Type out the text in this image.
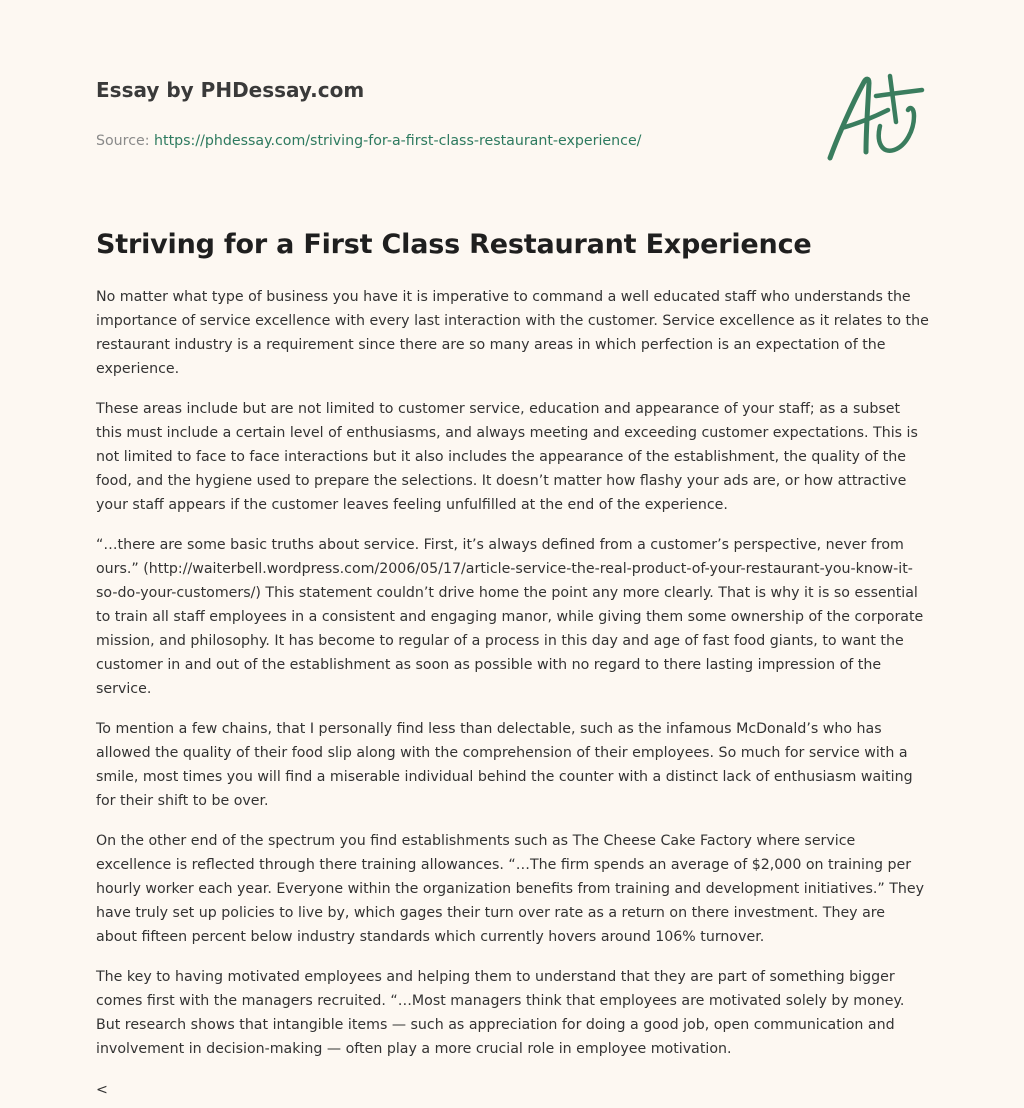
Essay by PHDessay.com
Source: https://phdessay.com/striving-for-a-first-class-restaurant-experience/
Striving for a First Class Restaurant Experience

No matter what type of business you have it is imperative to command a well educated staff who understands the importance of service excellence with every last interaction with the customer. Service excellence as it relates to the restaurant industry is a requirement since there are so many areas in which perfection is an expectation of the experience.

These areas include but are not limited to customer service, education and appearance of your staff; as a subset this must include a certain level of enthusiasms, and always meeting and exceeding customer expectations. This is not limited to face to face interactions but it also includes the appearance of the establishment, the quality of the food, and the hygiene used to prepare the selections. It doesn’t matter how flashy your ads are, or how attractive your staff appears if the customer leaves feeling unfulfilled at the end of the experience.

“…there are some basic truths about service. First, it’s always defined from a customer’s perspective, never from ours.” (http://waiterbell.wordpress.com/2006/05/17/article-service-the-real-product-of-your-restaurant-you-know-it-so-do-your-customers/) This statement couldn’t drive home the point any more clearly. That is why it is so essential to train all staff employees in a consistent and engaging manor, while giving them some ownership of the corporate mission, and philosophy. It has become to regular of a process in this day and age of fast food giants, to want the customer in and out of the establishment as soon as possible with no regard to there lasting impression of the service.

To mention a few chains, that I personally find less than delectable, such as the infamous McDonald’s who has allowed the quality of their food slip along with the comprehension of their employees. So much for service with a smile, most times you will find a miserable individual behind the counter with a distinct lack of enthusiasm waiting for their shift to be over.

On the other end of the spectrum you find establishments such as The Cheese Cake Factory where service excellence is reflected through there training allowances. “…The firm spends an average of $2,000 on training per hourly worker each year. Everyone within the organization benefits from training and development initiatives.” They have truly set up policies to live by, which gages their turn over rate as a return on there investment. They are about fifteen percent below industry standards which currently hovers around 106% turnover.

The key to having motivated employees and helping them to understand that they are part of something bigger comes first with the managers recruited. “…Most managers think that employees are motivated solely by money. But research shows that intangible items — such as appreciation for doing a good job, open communication and involvement in decision-making — often play a more crucial role in employee motivation.

<
